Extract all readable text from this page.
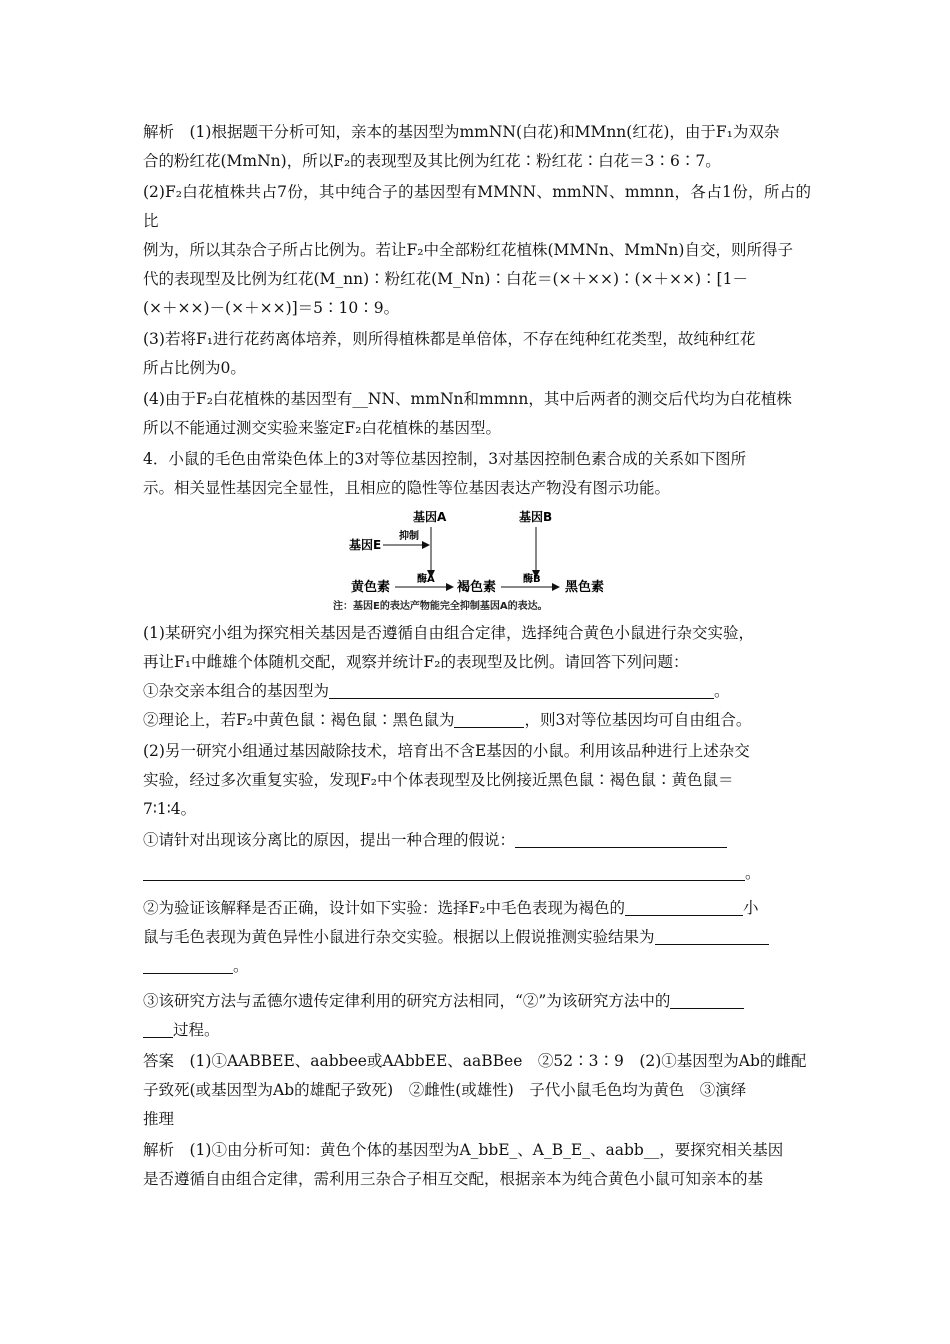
解析　(1)根据题干分析可知，亲本的基因型为mmNN(白花)和MMnn(红花)，由于F₁为双杂

合的粉红花(MmNn)，所以F₂的表现型及其比例为红花∶粉红花∶白花＝3∶6∶7。

(2)F₂白花植株共占7份，其中纯合子的基因型有MMNN、mmNN、mmnn，各占1份，所占的比

例为，所以其杂合子所占比例为。若让F₂中全部粉红花植株(MMNn、MmNn)自交，则所得子

代的表现型及比例为红花(M_nn)∶粉红花(M_Nn)∶白花＝(×＋××)∶(×＋××)∶[1－

(×＋××)－(×＋××)]＝5∶10∶9。

(3)若将F₁进行花药离体培养，则所得植株都是单倍体，不存在纯种红花类型，故纯种红花

所占比例为0。

(4)由于F₂白花植株的基因型有__NN、mmNn和mmnn，其中后两者的测交后代均为白花植株

所以不能通过测交实验来鉴定F₂白花植株的基因型。

4．小鼠的毛色由常染色体上的3对等位基因控制，3对基因控制色素合成的关系如下图所

示。相关显性基因完全显性，且相应的隐性等位基因表达产物没有图示功能。

基因A	基因B
基因E
抑制
黄色素
酶A
褐色素
酶B
黑色素
注：基因E的表达产物能完全抑制基因A的表达。

(1)某研究小组为探究相关基因是否遵循自由组合定律，选择纯合黄色小鼠进行杂交实验，

再让F₁中雌雄个体随机交配，观察并统计F₂的表现型及比例。请回答下列问题：

①杂交亲本组合的基因型为	。

②理论上，若F₂中黄色鼠∶褐色鼠∶黑色鼠为	，则3对等位基因均可自由组合。

(2)另一研究小组通过基因敲除技术，培育出不含E基因的小鼠。利用该品种进行上述杂交

实验，经过多次重复实验，发现F₂中个体表现型及比例接近黑色鼠∶褐色鼠∶黄色鼠＝

7∶1∶4。

①请针对出现该分离比的原因，提出一种合理的假说：

。

②为验证该解释是否正确，设计如下实验：选择F₂中毛色表现为褐色的	小

鼠与毛色表现为黄色异性小鼠进行杂交实验。根据以上假说推测实验结果为

。

③该研究方法与孟德尔遗传定律利用的研究方法相同，“②”为该研究方法中的

过程。

答案　(1)①AABBEE、aabbee或AAbbEE、aaBBee　②52∶3∶9　(2)①基因型为Ab的雌配

子致死(或基因型为Ab的雄配子致死)　②雌性(或雄性)　子代小鼠毛色均为黄色　③演绎

推理

解析　(1)①由分析可知：黄色个体的基因型为A_bbE_、A_B_E_、aabb__，要探究相关基因

是否遵循自由组合定律，需利用三杂合子相互交配，根据亲本为纯合黄色小鼠可知亲本的基
